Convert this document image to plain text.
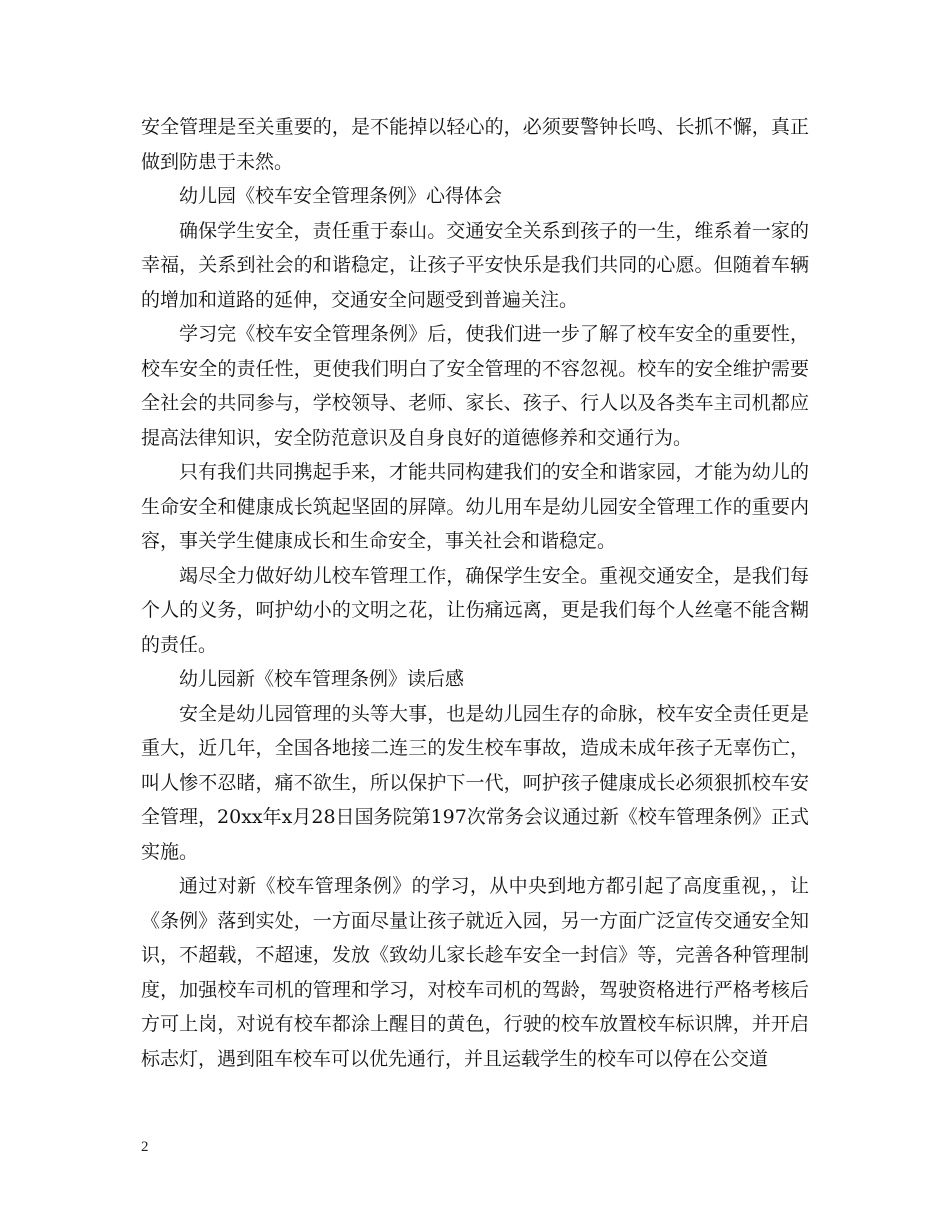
安全管理是至关重要的，是不能掉以轻心的，必须要警钟长鸣、长抓不懈，真正做到防患于未然。

幼儿园《校车安全管理条例》心得体会

确保学生安全，责任重于泰山。交通安全关系到孩子的一生，维系着一家的幸福，关系到社会的和谐稳定，让孩子平安快乐是我们共同的心愿。但随着车辆的增加和道路的延伸，交通安全问题受到普遍关注。

学习完《校车安全管理条例》后，使我们进一步了解了校车安全的重要性，校车安全的责任性，更使我们明白了安全管理的不容忽视。校车的安全维护需要全社会的共同参与，学校领导、老师、家长、孩子、行人以及各类车主司机都应提高法律知识，安全防范意识及自身良好的道德修养和交通行为。

只有我们共同携起手来，才能共同构建我们的安全和谐家园，才能为幼儿的生命安全和健康成长筑起坚固的屏障。幼儿用车是幼儿园安全管理工作的重要内容，事关学生健康成长和生命安全，事关社会和谐稳定。

竭尽全力做好幼儿校车管理工作，确保学生安全。重视交通安全，是我们每个人的义务，呵护幼小的文明之花，让伤痛远离，更是我们每个人丝毫不能含糊的责任。

幼儿园新《校车管理条例》读后感

安全是幼儿园管理的头等大事，也是幼儿园生存的命脉，校车安全责任更是重大，近几年，全国各地接二连三的发生校车事故，造成未成年孩子无辜伤亡，叫人惨不忍睹，痛不欲生，所以保护下一代，呵护孩子健康成长必须狠抓校车安全管理，20xx年x月28日国务院第197次常务会议通过新《校车管理条例》正式实施。

通过对新《校车管理条例》的学习，从中央到地方都引起了高度重视，，让《条例》落到实处，一方面尽量让孩子就近入园，另一方面广泛宣传交通安全知识，不超载，不超速，发放《致幼儿家长趁车安全一封信》等，完善各种管理制度，加强校车司机的管理和学习，对校车司机的驾龄，驾驶资格进行严格考核后方可上岗，对说有校车都涂上醒目的黄色，行驶的校车放置校车标识牌，并开启标志灯，遇到阻车校车可以优先通行，并且运载学生的校车可以停在公交道

2
